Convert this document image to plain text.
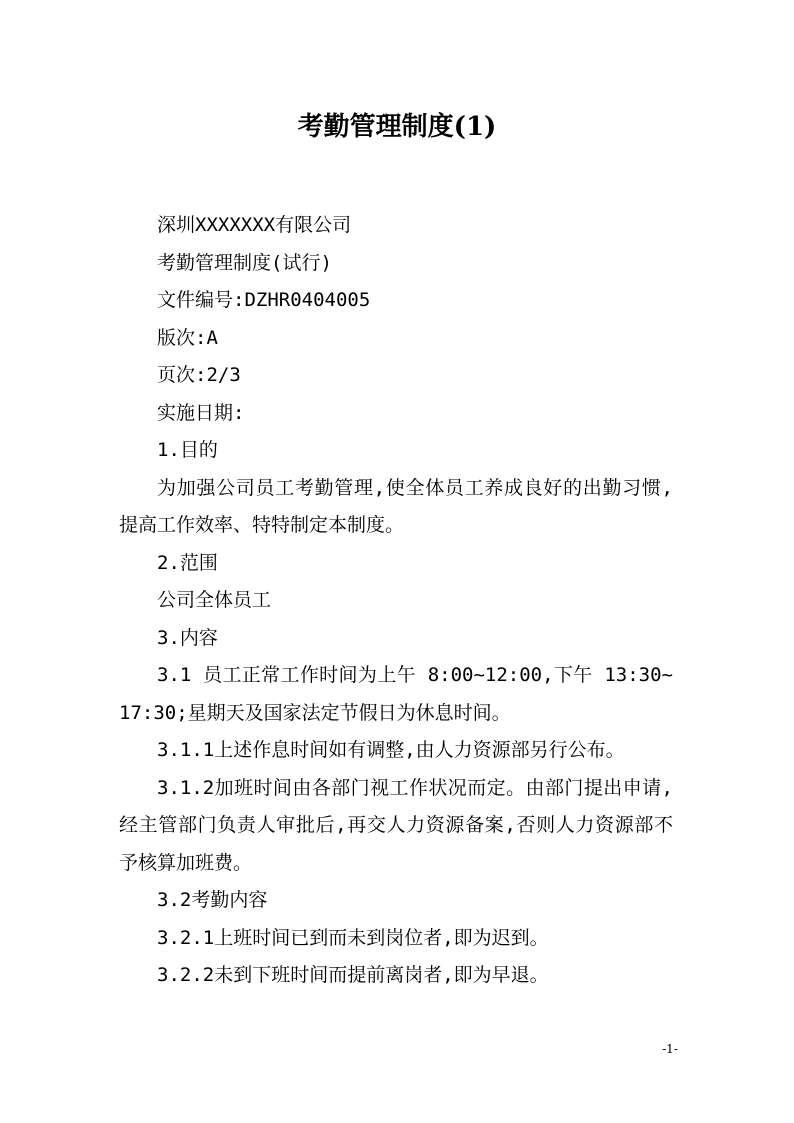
考勤管理制度(1)

深圳XXXXXXX有限公司

考勤管理制度(试行)

文件编号:DZHR0404005

版次:A

页次:2/3

实施日期:

1.目的

为加强公司员工考勤管理,使全体员工养成良好的出勤习惯,提高工作效率、特特制定本制度。

2.范围

公司全体员工

3.内容

3.1 员工正常工作时间为上午 8:00~12:00,下午 13:30~17:30;星期天及国家法定节假日为休息时间。

3.1.1上述作息时间如有调整,由人力资源部另行公布。

3.1.2加班时间由各部门视工作状况而定。由部门提出申请,经主管部门负责人审批后,再交人力资源备案,否则人力资源部不予核算加班费。

3.2考勤内容

3.2.1上班时间已到而未到岗位者,即为迟到。

3.2.2未到下班时间而提前离岗者,即为早退。

-1-
